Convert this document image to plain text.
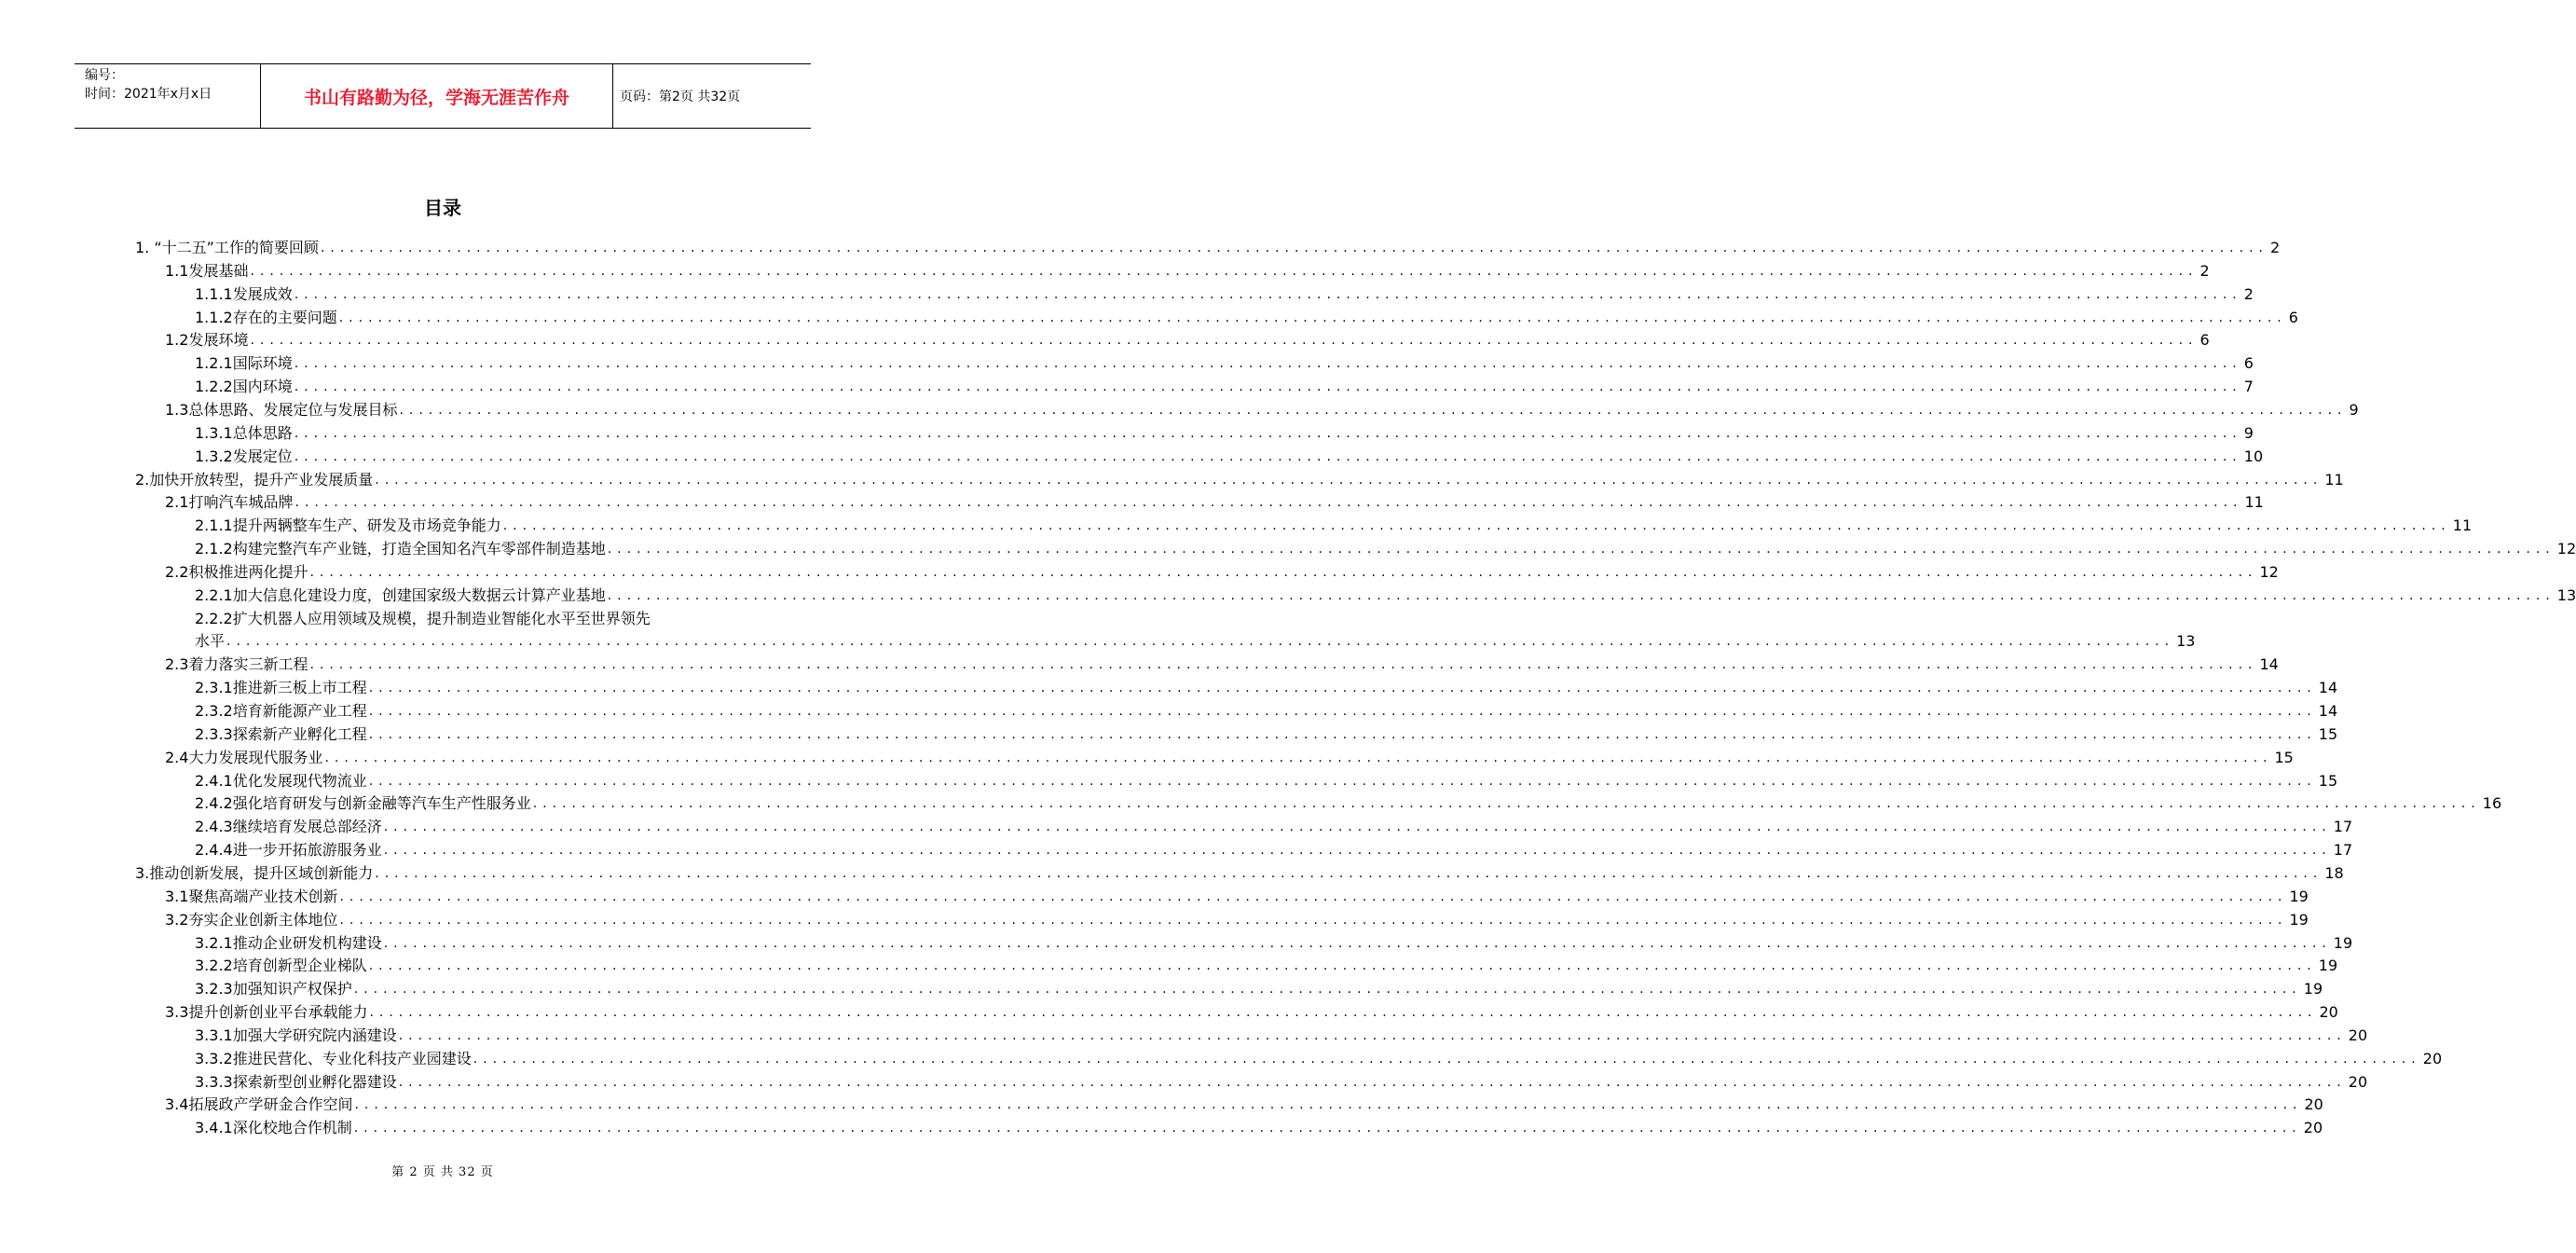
编号：
时间：2021年x月x日	书山有路勤为径，学海无涯苦作舟	页码：第2页 共32页
目录
1. “十二五”工作的简要回顾 ........................................................................................................................................................................................................ 2
1.1发展基础 ........................................................................................................................................................................................................ 2
1.1.1发展成效 ........................................................................................................................................................................................................ 2
1.1.2存在的主要问题 ........................................................................................................................................................................................................ 6
1.2发展环境 ........................................................................................................................................................................................................ 6
1.2.1国际环境 ........................................................................................................................................................................................................ 6
1.2.2国内环境 ........................................................................................................................................................................................................ 7
1.3总体思路、发展定位与发展目标 ........................................................................................................................................................................................................ 9
1.3.1总体思路 ........................................................................................................................................................................................................ 9
1.3.2发展定位 ........................................................................................................................................................................................................ 10
2.加快开放转型，提升产业发展质量 ........................................................................................................................................................................................................ 11
2.1打响汽车城品牌 ........................................................................................................................................................................................................ 11
2.1.1提升两辆整车生产、研发及市场竞争能力 ........................................................................................................................................................................................................ 11
2.1.2构建完整汽车产业链，打造全国知名汽车零部件制造基地 ........................................................................................................................................................................................................ 12
2.2积极推进两化提升 ........................................................................................................................................................................................................ 12
2.2.1加大信息化建设力度，创建国家级大数据云计算产业基地 ........................................................................................................................................................................................................ 13
2.2.2扩大机器人应用领域及规模，提升制造业智能化水平至世界领先
水平 ........................................................................................................................................................................................................ 13
2.3着力落实三新工程 ........................................................................................................................................................................................................ 14
2.3.1推进新三板上市工程 ........................................................................................................................................................................................................ 14
2.3.2培育新能源产业工程 ........................................................................................................................................................................................................ 14
2.3.3探索新产业孵化工程 ........................................................................................................................................................................................................ 15
2.4大力发展现代服务业 ........................................................................................................................................................................................................ 15
2.4.1优化发展现代物流业 ........................................................................................................................................................................................................ 15
2.4.2强化培育研发与创新金融等汽车生产性服务业 ........................................................................................................................................................................................................ 16
2.4.3继续培育发展总部经济 ........................................................................................................................................................................................................ 17
2.4.4进一步开拓旅游服务业 ........................................................................................................................................................................................................ 17
3.推动创新发展，提升区域创新能力 ........................................................................................................................................................................................................ 18
3.1聚焦高端产业技术创新 ........................................................................................................................................................................................................ 19
3.2夯实企业创新主体地位 ........................................................................................................................................................................................................ 19
3.2.1推动企业研发机构建设 ........................................................................................................................................................................................................ 19
3.2.2培育创新型企业梯队 ........................................................................................................................................................................................................ 19
3.2.3加强知识产权保护 ........................................................................................................................................................................................................ 19
3.3提升创新创业平台承载能力 ........................................................................................................................................................................................................ 20
3.3.1加强大学研究院内涵建设 ........................................................................................................................................................................................................ 20
3.3.2推进民营化、专业化科技产业园建设 ........................................................................................................................................................................................................ 20
3.3.3探索新型创业孵化器建设 ........................................................................................................................................................................................................ 20
3.4拓展政产学研金合作空间 ........................................................................................................................................................................................................ 20
3.4.1深化校地合作机制 ........................................................................................................................................................................................................ 20
第 2 页 共 32 页
